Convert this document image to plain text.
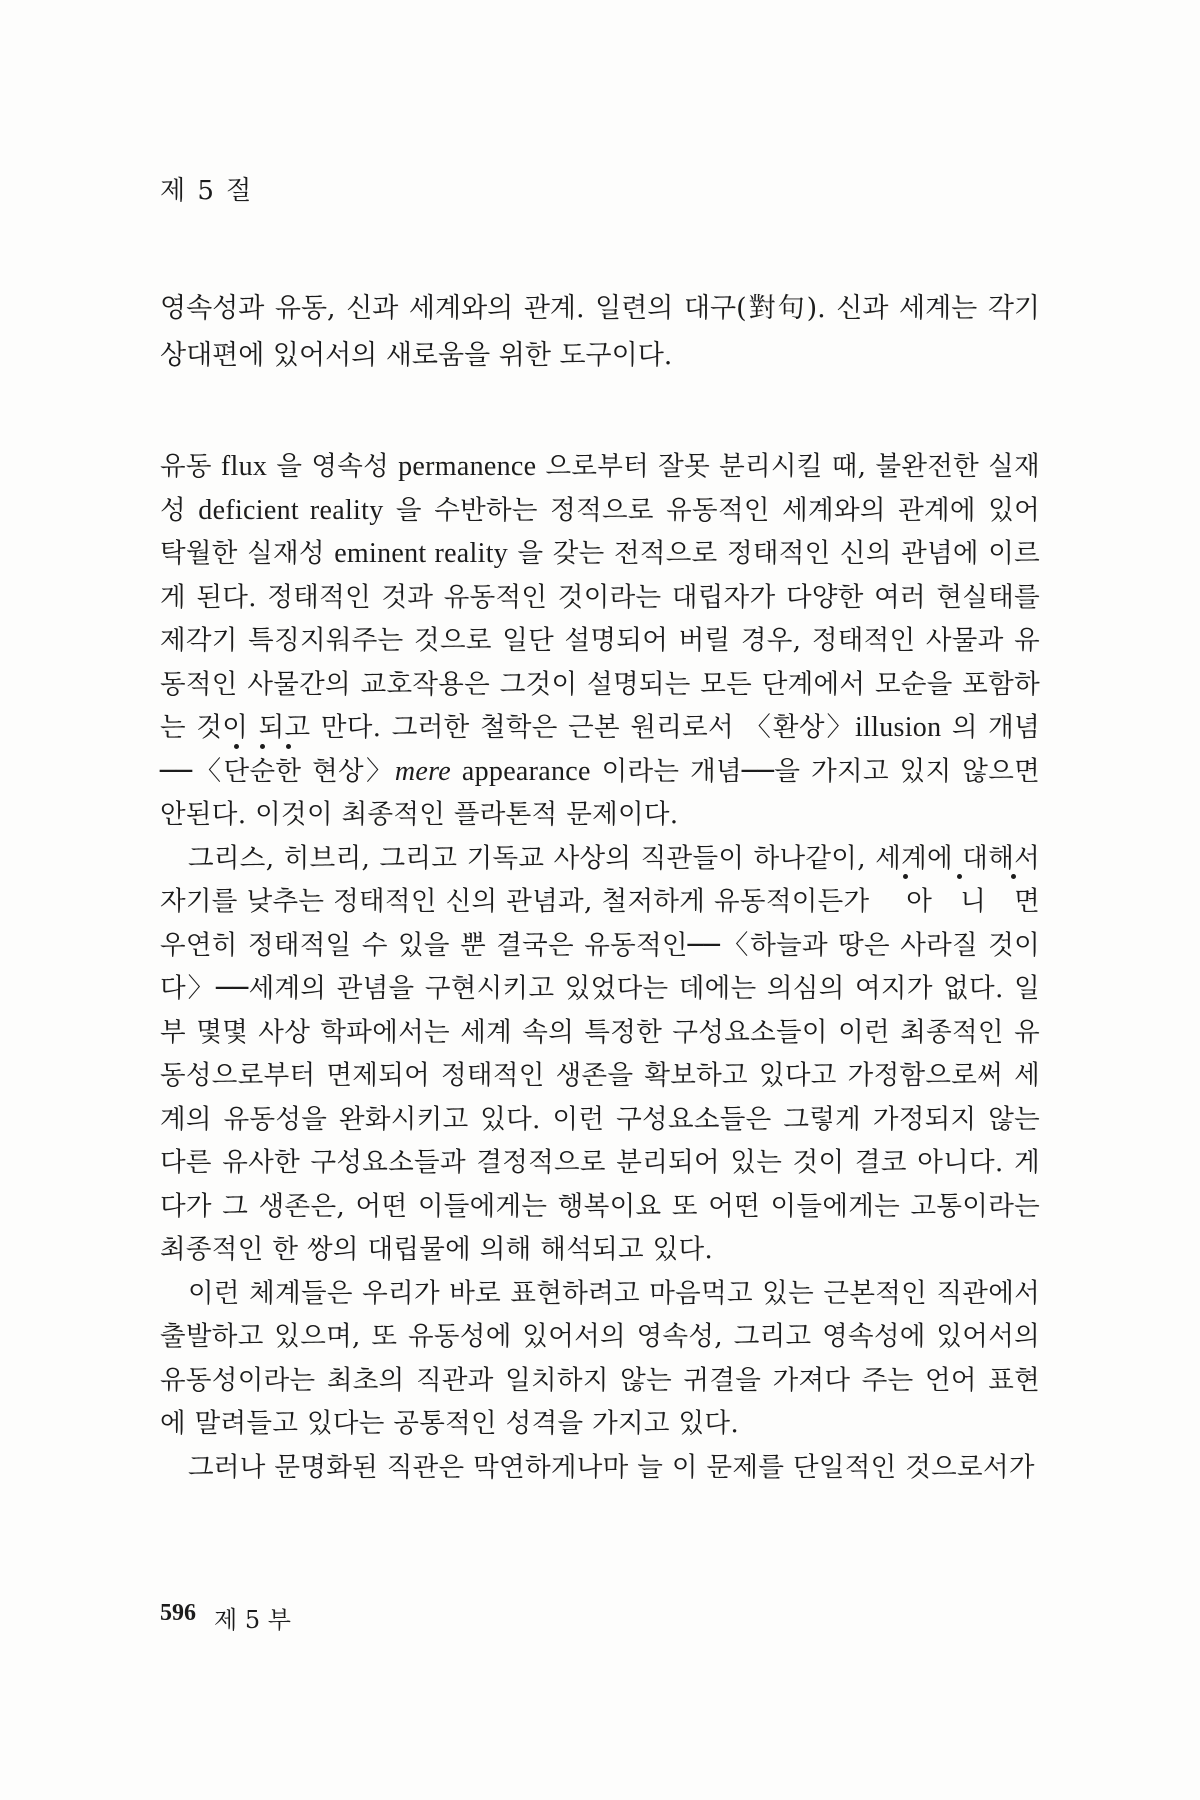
제 5 절

영속성과 유동, 신과 세계와의 관계. 일련의 대구(對句). 신과 세계는 각기 상대편에 있어서의 새로움을 위한 도구이다.

유동 flux 을 영속성 permanence 으로부터 잘못 분리시킬 때, 불완전한 실재성 deficient reality 을 수반하는 정적으로 유동적인 세계와의 관계에 있어 탁월한 실재성 eminent reality 을 갖는 전적으로 정태적인 신의 관념에 이르게 된다. 정태적인 것과 유동적인 것이라는 대립자가 다양한 여러 현실태를 제각기 특징지워주는 것으로 일단 설명되어 버릴 경우, 정태적인 사물과 유동적인 사물간의 교호작용은 그것이 설명되는 모든 단계에서 모순을 포함하는 것이 되고 만다. 그러한 철학은 근본 원리로서 〈환상〉illusion 의 개념──〈단순한 현상〉mere appearance 이라는 개념──을 가지고 있지 않으면 안된다. 이것이 최종적인 플라톤적 문제이다.

그리스, 히브리, 그리고 기독교 사상의 직관들이 하나같이, 세계에 대해서 자기를 낮추는 정태적인 신의 관념과, 철저하게 유동적이든가 아 니 면 우연히 정태적일 수 있을 뿐 결국은 유동적인──〈하늘과 땅은 사라질 것이다〉──세계의 관념을 구현시키고 있었다는 데에는 의심의 여지가 없다. 일부 몇몇 사상 학파에서는 세계 속의 특정한 구성요소들이 이런 최종적인 유동성으로부터 면제되어 정태적인 생존을 확보하고 있다고 가정함으로써 세계의 유동성을 완화시키고 있다. 이런 구성요소들은 그렇게 가정되지 않는 다른 유사한 구성요소들과 결정적으로 분리되어 있는 것이 결코 아니다. 게다가 그 생존은, 어떤 이들에게는 행복이요 또 어떤 이들에게는 고통이라는 최종적인 한 쌍의 대립물에 의해 해석되고 있다.

이런 체계들은 우리가 바로 표현하려고 마음먹고 있는 근본적인 직관에서 출발하고 있으며, 또 유동성에 있어서의 영속성, 그리고 영속성에 있어서의 유동성이라는 최초의 직관과 일치하지 않는 귀결을 가져다 주는 언어 표현에 말려들고 있다는 공통적인 성격을 가지고 있다.

그러나 문명화된 직관은 막연하게나마 늘 이 문제를 단일적인 것으로서가

596 제 5 부
